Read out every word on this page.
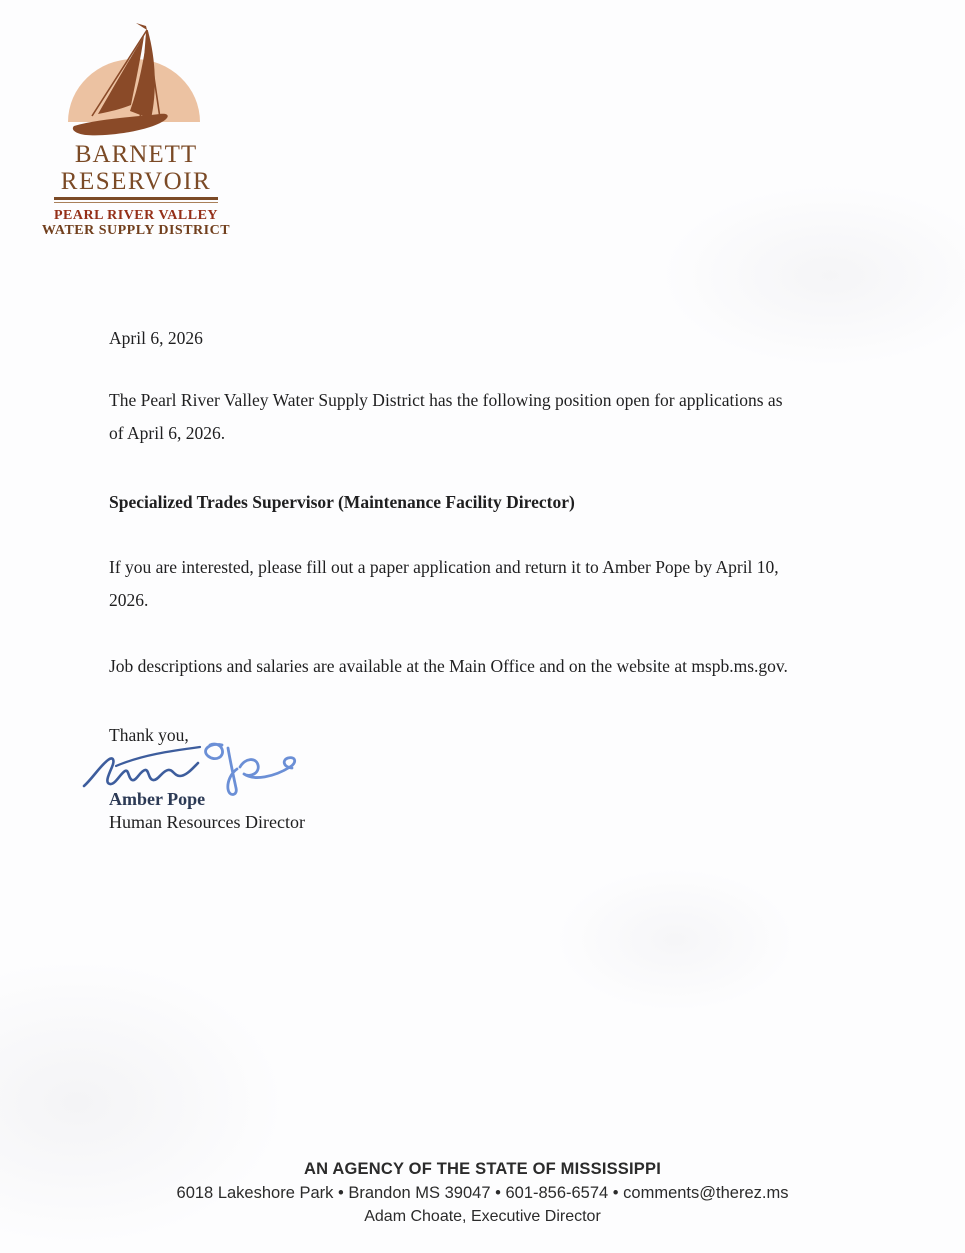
BARNETT
RESERVOIR
PEARL RIVER VALLEY
WATER SUPPLY DISTRICT
April 6, 2026
The Pearl River Valley Water Supply District has the following position open for applications as
of April 6, 2026.
Specialized Trades Supervisor (Maintenance Facility Director)
If you are interested, please fill out a paper application and return it to Amber Pope by April 10,
2026.
Job descriptions and salaries are available at the Main Office and on the website at mspb.ms.gov.
Thank you,
Amber Pope
Human Resources Director
AN AGENCY OF THE STATE OF MISSISSIPPI
6018 Lakeshore Park • Brandon MS 39047 • 601-856-6574 • comments@therez.ms
Adam Choate, Executive Director
